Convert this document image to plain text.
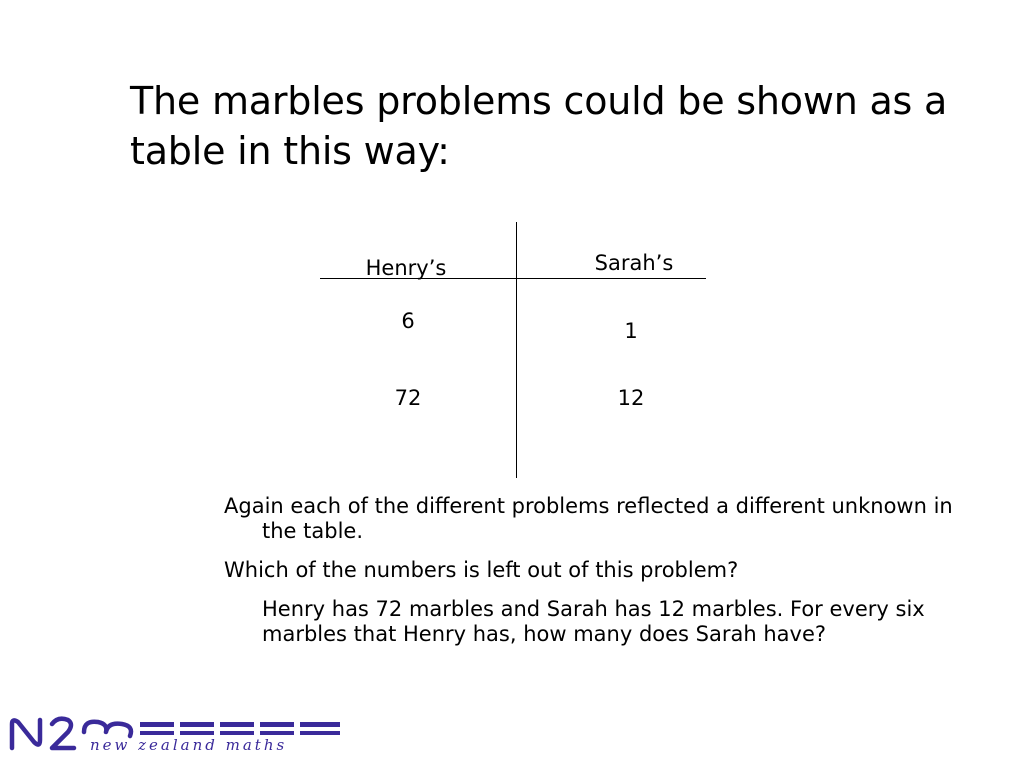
The marbles problems could be shown as a table in this way:
Henry’s	Sarah’s
6	1
72	12

Again each of the different problems reflected a different unknown in the table.

Which of the numbers is left out of this problem?

Henry has 72 marbles and Sarah has 12 marbles. For every six marbles that Henry has, how many does Sarah have?

new zealand maths
